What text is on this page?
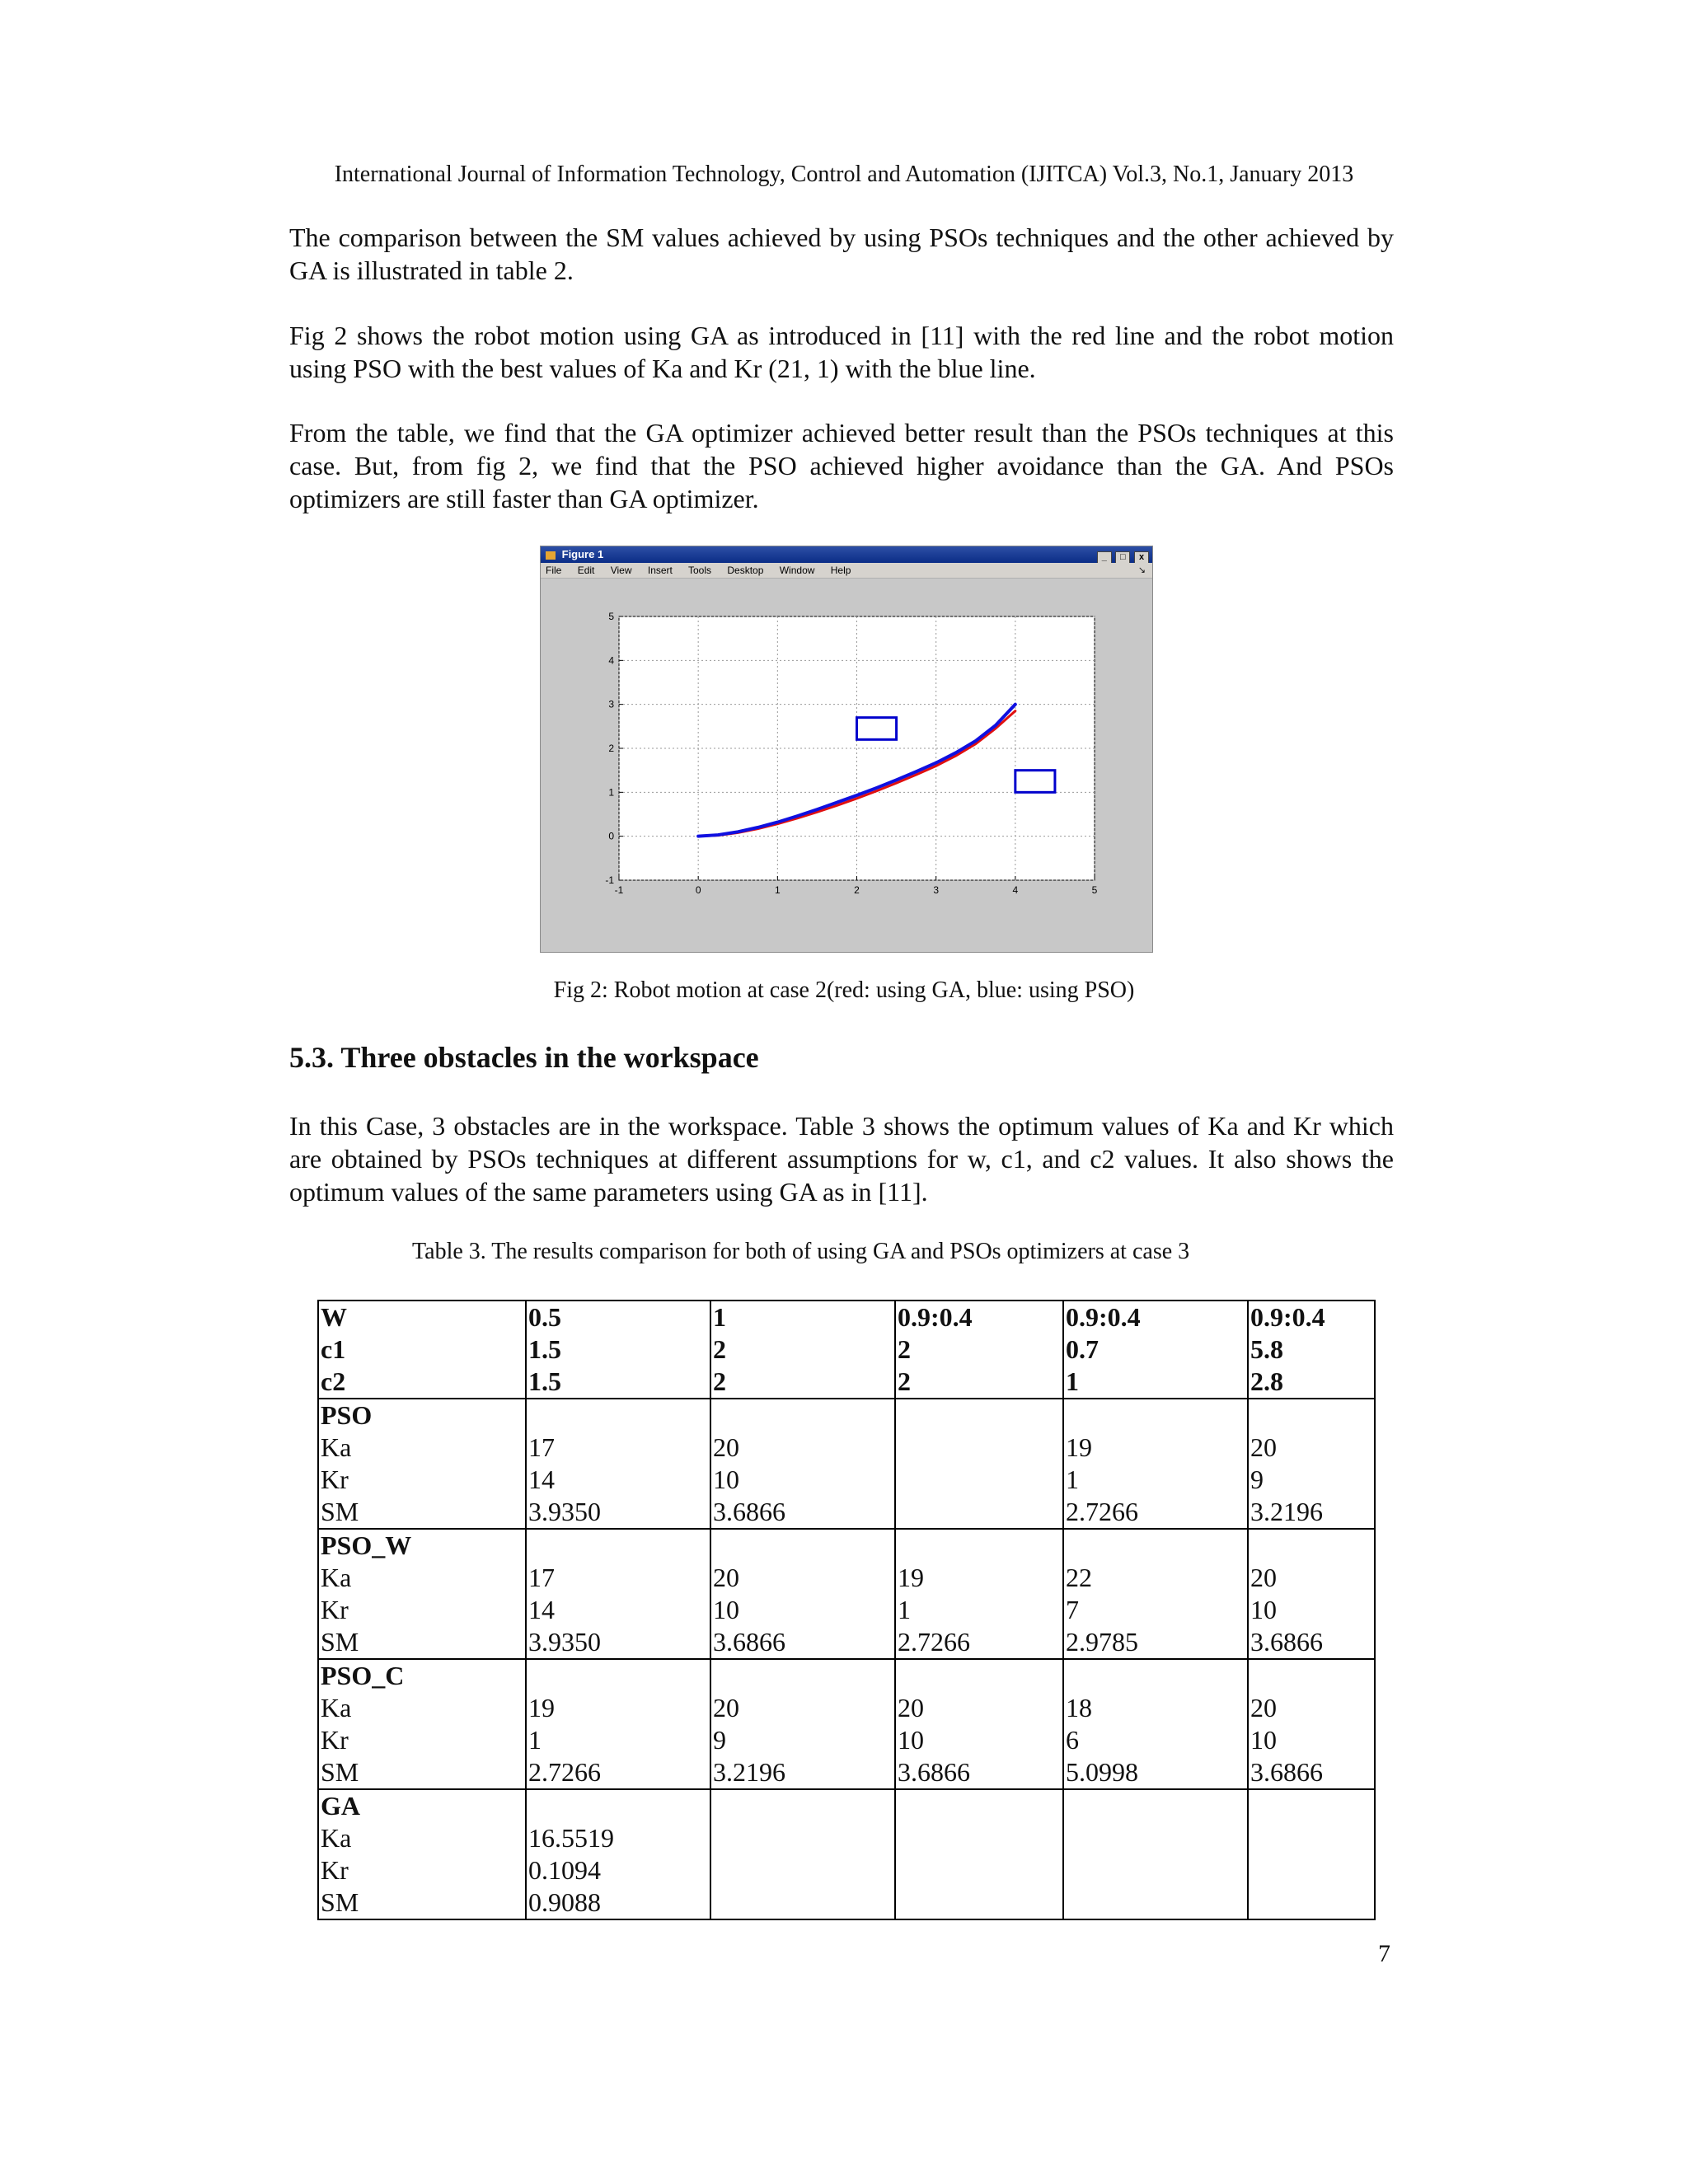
International Journal of Information Technology, Control and Automation (IJITCA) Vol.3, No.1, January 2013

The comparison between the SM values achieved by using PSOs techniques and the other achieved by GA is illustrated in table 2.

Fig 2 shows the robot motion using GA as introduced in [11] with the red line and the robot motion using PSO with the best values of Ka and Kr (21, 1) with the blue line.

From the table, we find that the GA optimizer achieved better result than the PSOs techniques at this case. But, from fig 2, we find that the PSO achieved higher avoidance than the GA. And PSOs optimizers are still faster than GA optimizer.

Figure 1	_ □ x
File Edit View Insert Tools Desktop Window Help	↘
-1	0	1	2	3	4	5
-1
0
1
2
3
4
5
Fig 2: Robot motion at case 2(red: using GA, blue: using PSO)
5.3. Three obstacles in the workspace

In this Case, 3 obstacles are in the workspace. Table 3 shows the optimum values of Ka and Kr which are obtained by PSOs techniques at different assumptions for w, c1, and c2 values. It also shows the optimum values of the same parameters using GA as in [11].

Table 3. The results comparison for both of using GA and PSOs optimizers at case 3
W	0.5	1	0.9:0.4	0.9:0.4	0.9:0.4
c1	1.5	2	2	0.7	5.8
c2	1.5	2	2	1	2.8
PSO					
Ka	17	20		19	20
Kr	14	10		1	9
SM	3.9350	3.6866		2.7266	3.2196
PSO_W					
Ka	17	20	19	22	20
Kr	14	10	1	7	10
SM	3.9350	3.6866	2.7266	2.9785	3.6866
PSO_C					
Ka	19	20	20	18	20
Kr	1	9	10	6	10
SM	2.7266	3.2196	3.6866	5.0998	3.6866
GA					
Ka	16.5519				
Kr	0.1094				
SM	0.9088				
7
